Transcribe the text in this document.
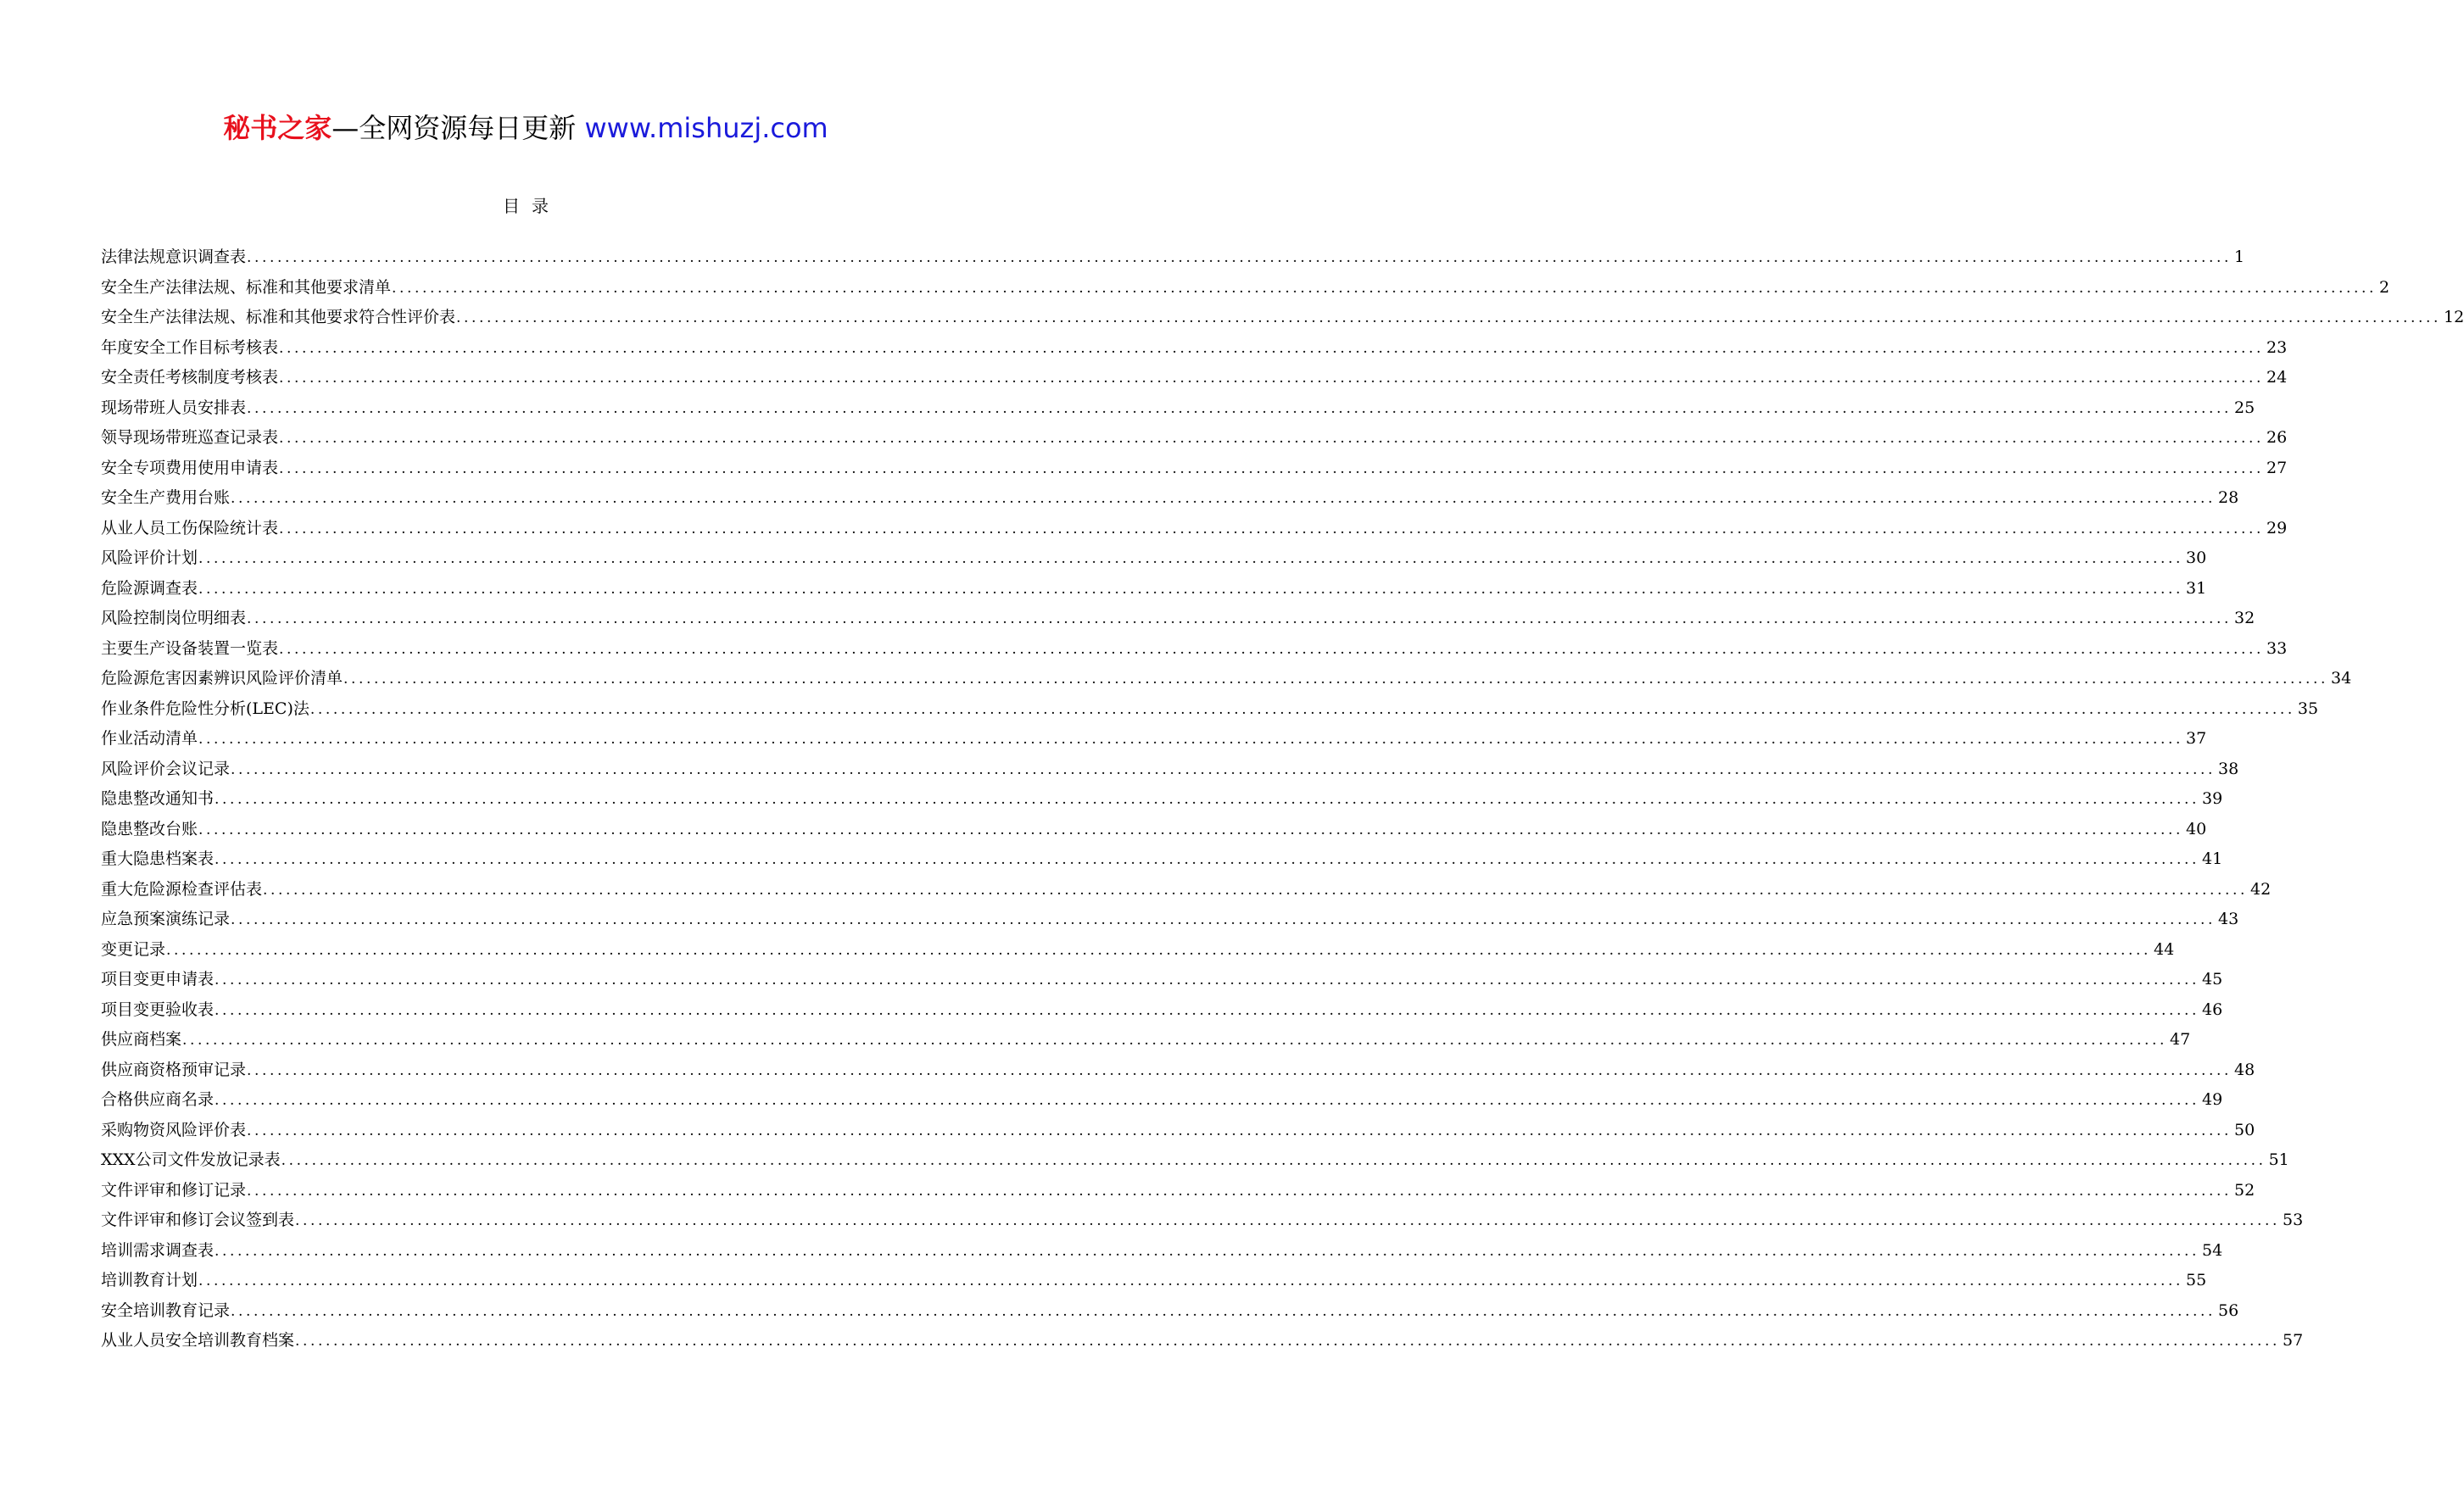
秘书之家—全网资源每日更新 www.mishuzj.com
目录
法律法规意识调查表 .................................................................................................................................................................................................................................................................... 1
安全生产法律法规、标准和其他要求清单 .................................................................................................................................................................................................................................................................... 2
安全生产法律法规、标准和其他要求符合性评价表 .................................................................................................................................................................................................................................................................... 12
年度安全工作目标考核表 .................................................................................................................................................................................................................................................................... 23
安全责任考核制度考核表 .................................................................................................................................................................................................................................................................... 24
现场带班人员安排表 .................................................................................................................................................................................................................................................................... 25
领导现场带班巡查记录表 .................................................................................................................................................................................................................................................................... 26
安全专项费用使用申请表 .................................................................................................................................................................................................................................................................... 27
安全生产费用台账 .................................................................................................................................................................................................................................................................... 28
从业人员工伤保险统计表 .................................................................................................................................................................................................................................................................... 29
风险评价计划 .................................................................................................................................................................................................................................................................... 30
危险源调查表 .................................................................................................................................................................................................................................................................... 31
风险控制岗位明细表 .................................................................................................................................................................................................................................................................... 32
主要生产设备装置一览表 .................................................................................................................................................................................................................................................................... 33
危险源危害因素辨识风险评价清单 .................................................................................................................................................................................................................................................................... 34
作业条件危险性分析(LEC)法 .................................................................................................................................................................................................................................................................... 35
作业活动清单 .................................................................................................................................................................................................................................................................... 37
风险评价会议记录 .................................................................................................................................................................................................................................................................... 38
隐患整改通知书 .................................................................................................................................................................................................................................................................... 39
隐患整改台账 .................................................................................................................................................................................................................................................................... 40
重大隐患档案表 .................................................................................................................................................................................................................................................................... 41
重大危险源检查评估表 .................................................................................................................................................................................................................................................................... 42
应急预案演练记录 .................................................................................................................................................................................................................................................................... 43
变更记录 .................................................................................................................................................................................................................................................................... 44
项目变更申请表 .................................................................................................................................................................................................................................................................... 45
项目变更验收表 .................................................................................................................................................................................................................................................................... 46
供应商档案 .................................................................................................................................................................................................................................................................... 47
供应商资格预审记录 .................................................................................................................................................................................................................................................................... 48
合格供应商名录 .................................................................................................................................................................................................................................................................... 49
采购物资风险评价表 .................................................................................................................................................................................................................................................................... 50
XXX公司文件发放记录表 .................................................................................................................................................................................................................................................................... 51
文件评审和修订记录 .................................................................................................................................................................................................................................................................... 52
文件评审和修订会议签到表 .................................................................................................................................................................................................................................................................... 53
培训需求调查表 .................................................................................................................................................................................................................................................................... 54
培训教育计划 .................................................................................................................................................................................................................................................................... 55
安全培训教育记录 .................................................................................................................................................................................................................................................................... 56
从业人员安全培训教育档案 .................................................................................................................................................................................................................................................................... 57
